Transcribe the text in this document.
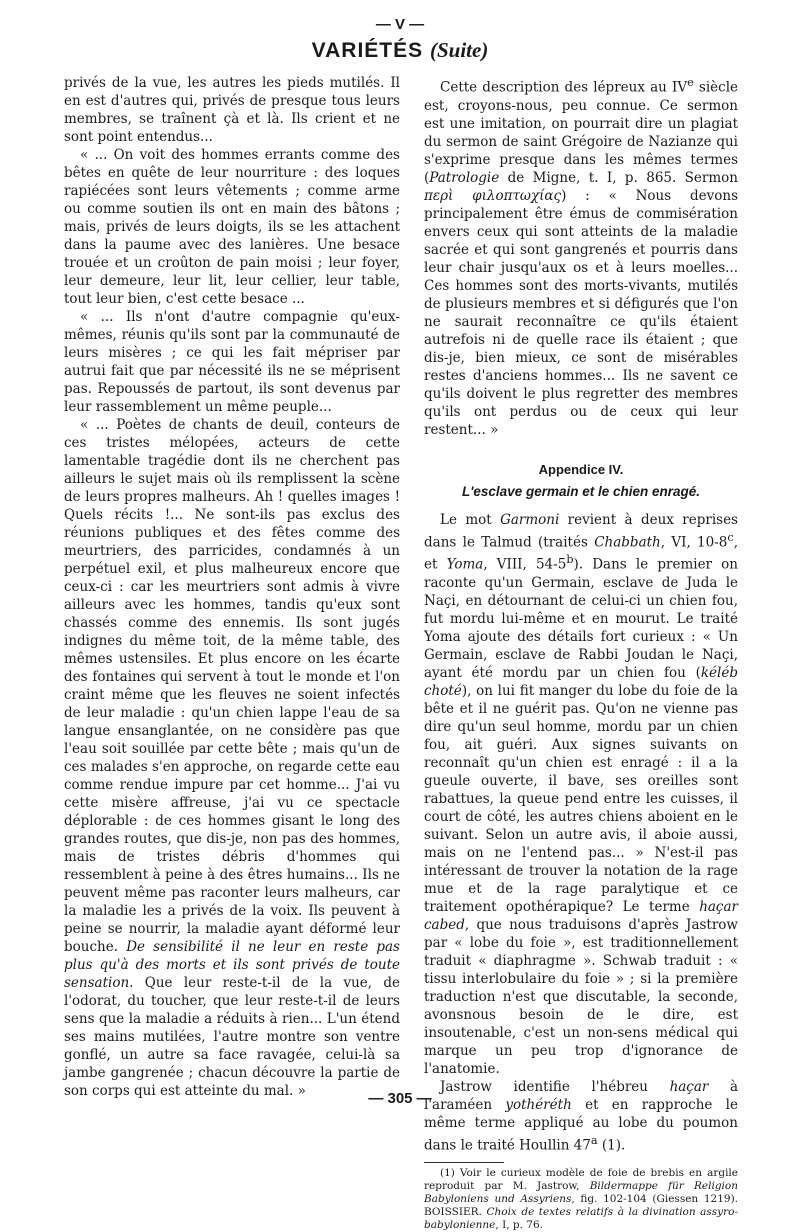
— V —
VARIÉTÉS (Suite)

privés de la vue, les autres les pieds mutilés. Il en est d'autres qui, privés de presque tous leurs membres, se traînent çà et là. Ils crient et ne sont point entendus...

« ... On voit des hommes errants comme des bêtes en quête de leur nourriture : des loques rapiécées sont leurs vêtements ; comme arme ou comme soutien ils ont en main des bâtons ; mais, privés de leurs doigts, ils se les attachent dans la paume avec des lanières. Une besace trouée et un croûton de pain moisi ; leur foyer, leur demeure, leur lit, leur cellier, leur table, tout leur bien, c'est cette besace ...

« ... Ils n'ont d'autre compagnie qu'eux-mêmes, réunis qu'ils sont par la communauté de leurs misères ; ce qui les fait mépriser par autrui fait que par nécessité ils ne se méprisent pas. Repoussés de partout, ils sont devenus par leur rassemblement un même peuple...

« ... Poètes de chants de deuil, conteurs de ces tristes mélopées, acteurs de cette lamentable tragédie dont ils ne cherchent pas ailleurs le sujet mais où ils remplissent la scène de leurs propres malheurs. Ah ! quelles images ! Quels récits !... Ne sont-ils pas exclus des réunions publiques et des fêtes comme des meurtriers, des parricides, condamnés à un perpétuel exil, et plus malheureux encore que ceux-ci : car les meurtriers sont admis à vivre ailleurs avec les hommes, tandis qu'eux sont chassés comme des ennemis. Ils sont jugés indignes du même toit, de la même table, des mêmes ustensiles. Et plus encore on les écarte des fontaines qui servent à tout le monde et l'on craint même que les fleuves ne soient infectés de leur maladie : qu'un chien lappe l'eau de sa langue ensanglantée, on ne considère pas que l'eau soit souillée par cette bête ; mais qu'un de ces malades s'en approche, on regarde cette eau comme rendue impure par cet homme... J'ai vu cette misère affreuse, j'ai vu ce spectacle déplorable : de ces hommes gisant le long des grandes routes, que dis-je, non pas des hommes, mais de tristes débris d'hommes qui ressemblent à peine à des êtres humains... Ils ne peuvent même pas raconter leurs malheurs, car la maladie les a privés de la voix. Ils peuvent à peine se nourrir, la maladie ayant déformé leur bouche. De sensibilité il ne leur en reste pas plus qu'à des morts et ils sont privés de toute sensation. Que leur reste-t-il de la vue, de l'odorat, du toucher, que leur reste-t-il de leurs sens que la maladie a réduits à rien... L'un étend ses mains mutilées, l'autre montre son ventre gonflé, un autre sa face ravagée, celui-là sa jambe gangrenée ; chacun découvre la partie de son corps qui est atteinte du mal. »

Cette description des lépreux au IVe siècle est, croyons-nous, peu connue. Ce sermon est une imitation, on pourrait dire un plagiat du sermon de saint Grégoire de Nazianze qui s'exprime presque dans les mêmes termes (Patrologie de Migne, t. I, p. 865. Sermon περὶ φιλοπτωχίας) : « Nous devons principalement être émus de commisération envers ceux qui sont atteints de la maladie sacrée et qui sont gangrenés et pourris dans leur chair jusqu'aux os et à leurs moelles... Ces hommes sont des morts-vivants, mutilés de plusieurs membres et si défigurés que l'on ne saurait reconnaître ce qu'ils étaient autrefois ni de quelle race ils étaient ; que dis-je, bien mieux, ce sont de misérables restes d'anciens hommes... Ils ne savent ce qu'ils doivent le plus regretter des membres qu'ils ont perdus ou de ceux qui leur restent... »

Appendice IV.
L'esclave germain et le chien enragé.

Le mot Garmoni revient à deux reprises dans le Talmud (traités Chabbath, VI, 10-8$^c$, et Yoma, VIII, 54-5$^b$). Dans le premier on raconte qu'un Germain, esclave de Juda le Naçi, en détournant de celui-ci un chien fou, fut mordu lui-même et en mourut. Le traité Yoma ajoute des détails fort curieux : « Un Germain, esclave de Rabbi Joudan le Naçi, ayant été mordu par un chien fou (kéléb choté), on lui fit manger du lobe du foie de la bête et il ne guérit pas. Qu'on ne vienne pas dire qu'un seul homme, mordu par un chien fou, ait guéri. Aux signes suivants on reconnaît qu'un chien est enragé : il a la gueule ouverte, il bave, ses oreilles sont rabattues, la queue pend entre les cuisses, il court de côté, les autres chiens aboient en le suivant. Selon un autre avis, il aboie aussi, mais on ne l'entend pas... » N'est-il pas intéressant de trouver la notation de la rage mue et de la rage paralytique et ce traitement opothérapique? Le terme haçar cabed, que nous traduisons d'après Jastrow par « lobe du foie », est traditionnellement traduit « diaphragme ». Schwab traduit : « tissu interlobulaire du foie » ; si la première traduction n'est que discutable, la seconde, avonsnous besoin de le dire, est insoutenable, c'est un non-sens médical qui marque un peu trop d'ignorance de l'anatomie.

Jastrow identifie l'hébreu haçar à l'araméen yothéréth et en rapproche le même terme appliqué au lobe du poumon dans le traité Houllin 47$^a$ (1).

(1) Voir le curieux modèle de foie de brebis en argile reproduit par M. Jastrow, Bildermappe für Religion Babyloniens und Assyriens, fig. 102-104 (Giessen 1219). BOISSIER. Choix de textes relatifs à la divination assyro-babylonienne, I, p. 76.

— 305 —
